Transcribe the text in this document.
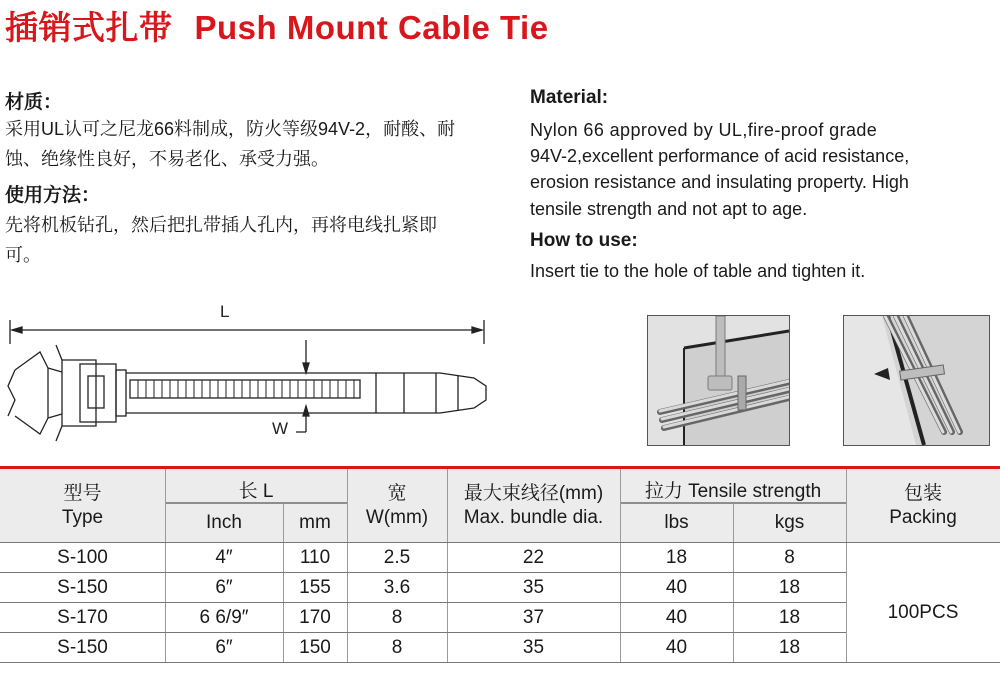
插销式扎带 Push Mount Cable Tie
材质：
采用UL认可之尼龙66料制成，防火等级94V-2，耐酸、耐蚀、绝缘性良好，不易老化、承受力强。
使用方法：
先将机板钻孔，然后把扎带插人孔内，再将电线扎紧即可。
Material:
Nylon 66 approved by UL,fire-proof grade
94V-2,excellent performance of acid resistance,
erosion resistance and insulating property. High
tensile strength and not apt to age.
How to use:
Insert tie to the hole of table and tighten it.
L
W
型号
Type
长 L
Inch	mm
宽
W(mm)
最大束线径(mm)
Max. bundle dia.
拉力 Tensile strength
lbs	kgs
包装
Packing
S-100	4″	110	2.5	22	18	8
S-150	6″	155	3.6	35	40	18
S-170	6 6/9″	170	8	37	40	18
S-150	6″	150	8	35	40	18
100PCS
